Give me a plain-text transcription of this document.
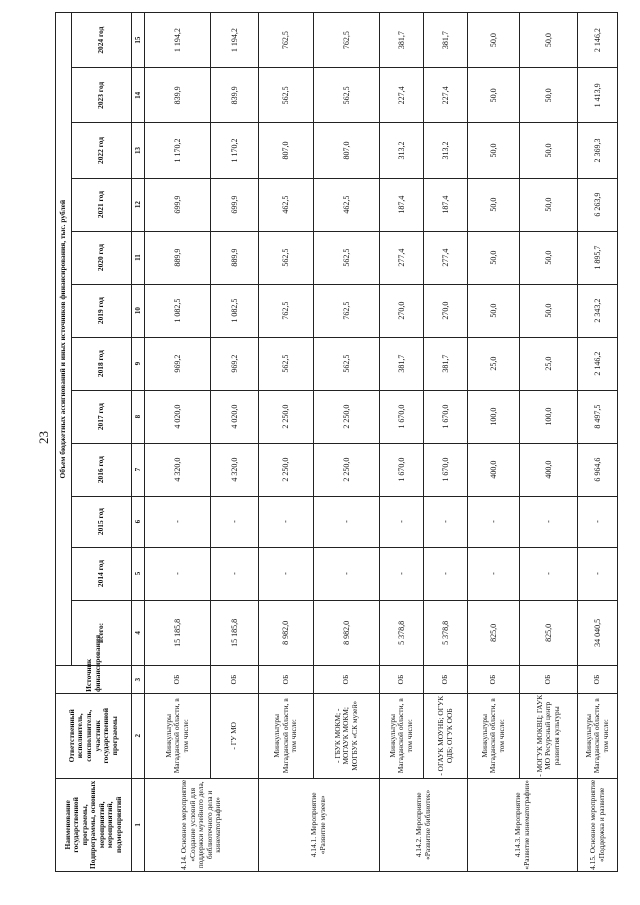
23
Наименование государственной программы, Подпрограммы, основных мероприятий, мероприятий, подмероприятий	Ответственный исполнитель, соисполнитель, участник государственной программы	Источник финансирования	Объем бюджетных ассигнований и иных источников финансирования, тыс. рублей											
			всего:	2014 год	2015 год	2016 год	2017 год	2018 год	2019 год	2020 год	2021 год	2022 год	2023 год	2024 год
1	2	3	4	5	6	7	8	9	10	11	12	13	14	15
4.14. Основное мероприятие «Создание условий для поддержки музейного дела, библиотечного дела и кинематографии»	Минкультуры Магаданской области, в том числе:	ОБ	15 185,8	-	-	4 320,0	4 020,0	969,2	1 082,5	889,9	699,9	1 170,2	839,9	1 194,2
	- ГУ МО	ОБ	15 185,8	-	-	4 320,0	4 020,0	969,2	1 082,5	889,9	699,9	1 170,2	839,9	1 194,2
4.14.1. Мероприятие «Развитие музеев»	Минкультуры Магаданской области, в том числе:	ОБ	8 982,0	-	-	2 250,0	2 250,0	562,5	762,5	562,5	462,5	807,0	562,5	762,5
	- ГБУК МОКМ; - МОГАУК МОКМ; МОГБУК «СК музей»	ОБ	8 982,0	-	-	2 250,0	2 250,0	562,5	762,5	562,5	462,5	807,0	562,5	762,5
4.14.2. Мероприятие «Развитие библиотек»	Минкультуры Магаданской области, в том числе:	ОБ	5 378,8	-	-	1 670,0	1 670,0	381,7	270,0	277,4	187,4	313,2	227,4	381,7
	- ОГАУК МОУНБ; ОГУК ОДБ; ОГУК ООБ	ОБ	5 378,8	-	-	1 670,0	1 670,0	381,7	270,0	277,4	187,4	313,2	227,4	381,7
4.14.3. Мероприятие «Развитие кинематографии»	Минкультуры Магаданской области, в том числе:	ОБ	825,0	-	-	400,0	100,0	25,0	50,0	50,0	50,0	50,0	50,0	50,0
	- МОГУК МОКВЦ; ГАУК МО Ресурсный центр развития культуры	ОБ	825,0	-	-	400,0	100,0	25,0	50,0	50,0	50,0	50,0	50,0	50,0
4.15. Основное мероприятие «Поддержка и развитие	Минкультуры Магаданской области, в том числе:	ОБ	34 040,5	-	-	6 964,6	8 497,5	2 146,2	2 343,2	1 895,7	6 263,9	2 369,3	1 413,9	2 146,2
